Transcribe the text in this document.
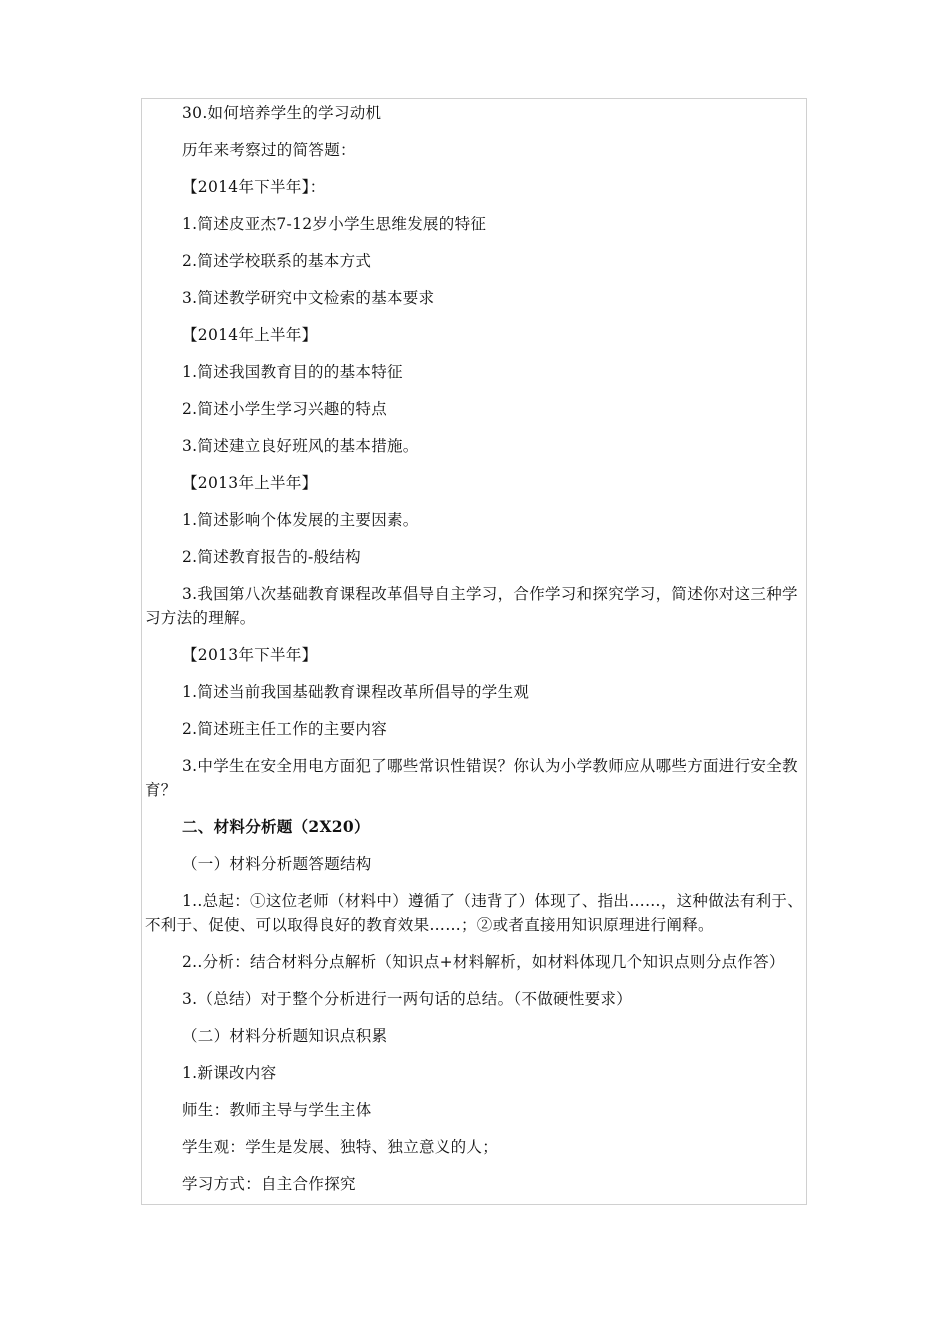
30.如何培养学生的学习动机
历年来考察过的简答题：
【2014年下半年】：
1.简述皮亚杰7-12岁小学生思维发展的特征
2.简述学校联系的基本方式
3.简述教学研究中文检索的基本要求
【2014年上半年】
1.简述我国教育目的的基本特征
2.简述小学生学习兴趣的特点
3.简述建立良好班风的基本措施。
【2013年上半年】
1.简述影响个体发展的主要因素。
2.简述教育报告的-般结构
3.我国第八次基础教育课程改革倡导自主学习，合作学习和探究学习，简述你对这三种学习方法的理解。
【2013年下半年】
1.简述当前我国基础教育课程改革所倡导的学生观
2.简述班主任工作的主要内容
3.中学生在安全用电方面犯了哪些常识性错误？你认为小学教师应从哪些方面进行安全教育？
二、材料分析题（2X20）
（一）材料分析题答题结构
1..总起：①这位老师（材料中）遵循了（违背了）体现了、指出……，这种做法有利于、不利于、促使、可以取得良好的教育效果……；②或者直接用知识原理进行阐释。
2..分析：结合材料分点解析（知识点+材料解析，如材料体现几个知识点则分点作答）
3.（总结）对于整个分析进行一两句话的总结。（不做硬性要求）
（二）材料分析题知识点积累
1.新课改内容
师生：教师主导与学生主体
学生观：学生是发展、独特、独立意义的人；
学习方式：自主合作探究
